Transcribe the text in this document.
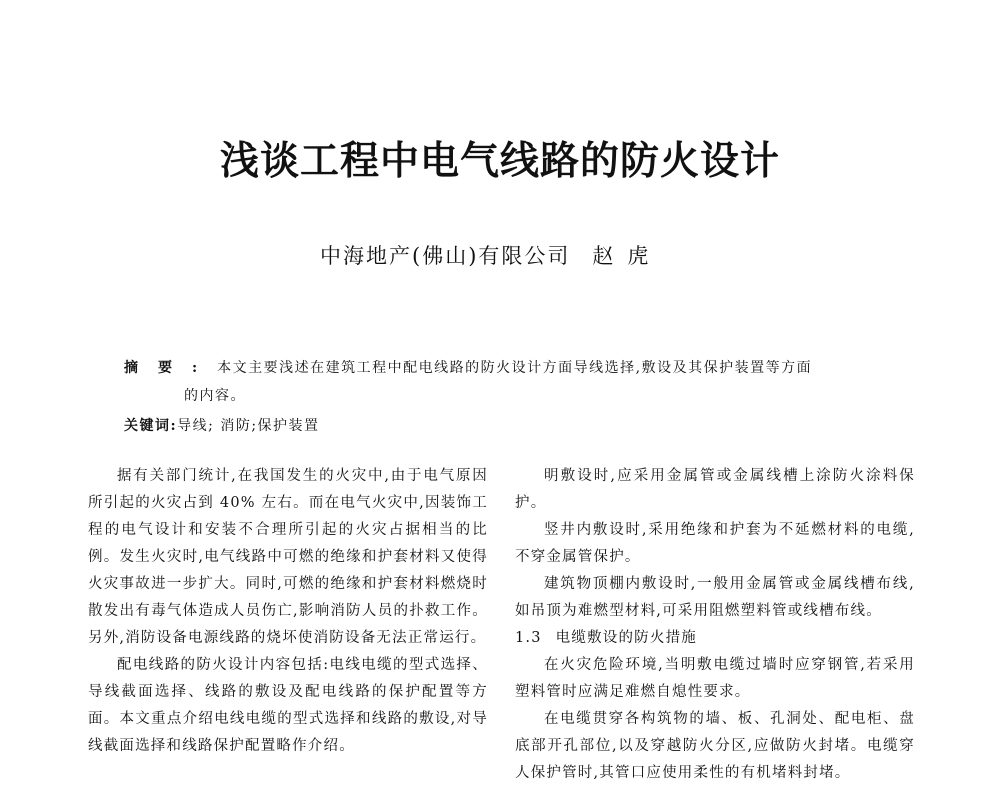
浅谈工程中电气线路的防火设计
中海地产(佛山)有限公司 赵虎
摘要:本文主要浅述在建筑工程中配电线路的防火设计方面导线选择,敷设及其保护装置等方面
的内容。
关键词:导线; 消防;保护装置

据有关部门统计,在我国发生的火灾中,由于电气原因所引起的火灾占到 40% 左右。而在电气火灾中,因装饰工程的电气设计和安装不合理所引起的火灾占据相当的比例。发生火灾时,电气线路中可燃的绝缘和护套材料又使得火灾事故进一步扩大。同时,可燃的绝缘和护套材料燃烧时散发出有毒气体造成人员伤亡,影响消防人员的扑救工作。另外,消防设备电源线路的烧坏使消防设备无法正常运行。

配电线路的防火设计内容包括:电线电缆的型式选择、导线截面选择、线路的敷设及配电线路的保护配置等方面。本文重点介绍电线电缆的型式选择和线路的敷设,对导线截面选择和线路保护配置略作介绍。

明敷设时,应采用金属管或金属线槽上涂防火涂料保护。

竖井内敷设时,采用绝缘和护套为不延燃材料的电缆,不穿金属管保护。

建筑物顶棚内敷设时,一般用金属管或金属线槽布线,如吊顶为难燃型材料,可采用阻燃塑料管或线槽布线。

1.3 电缆敷设的防火措施

在火灾危险环境,当明敷电缆过墙时应穿钢管,若采用塑料管时应满足难燃自熄性要求。

在电缆贯穿各构筑物的墙、板、孔洞处、配电柜、盘底部开孔部位,以及穿越防火分区,应做防火封堵。电缆穿人保护管时,其管口应使用柔性的有机堵料封堵。
